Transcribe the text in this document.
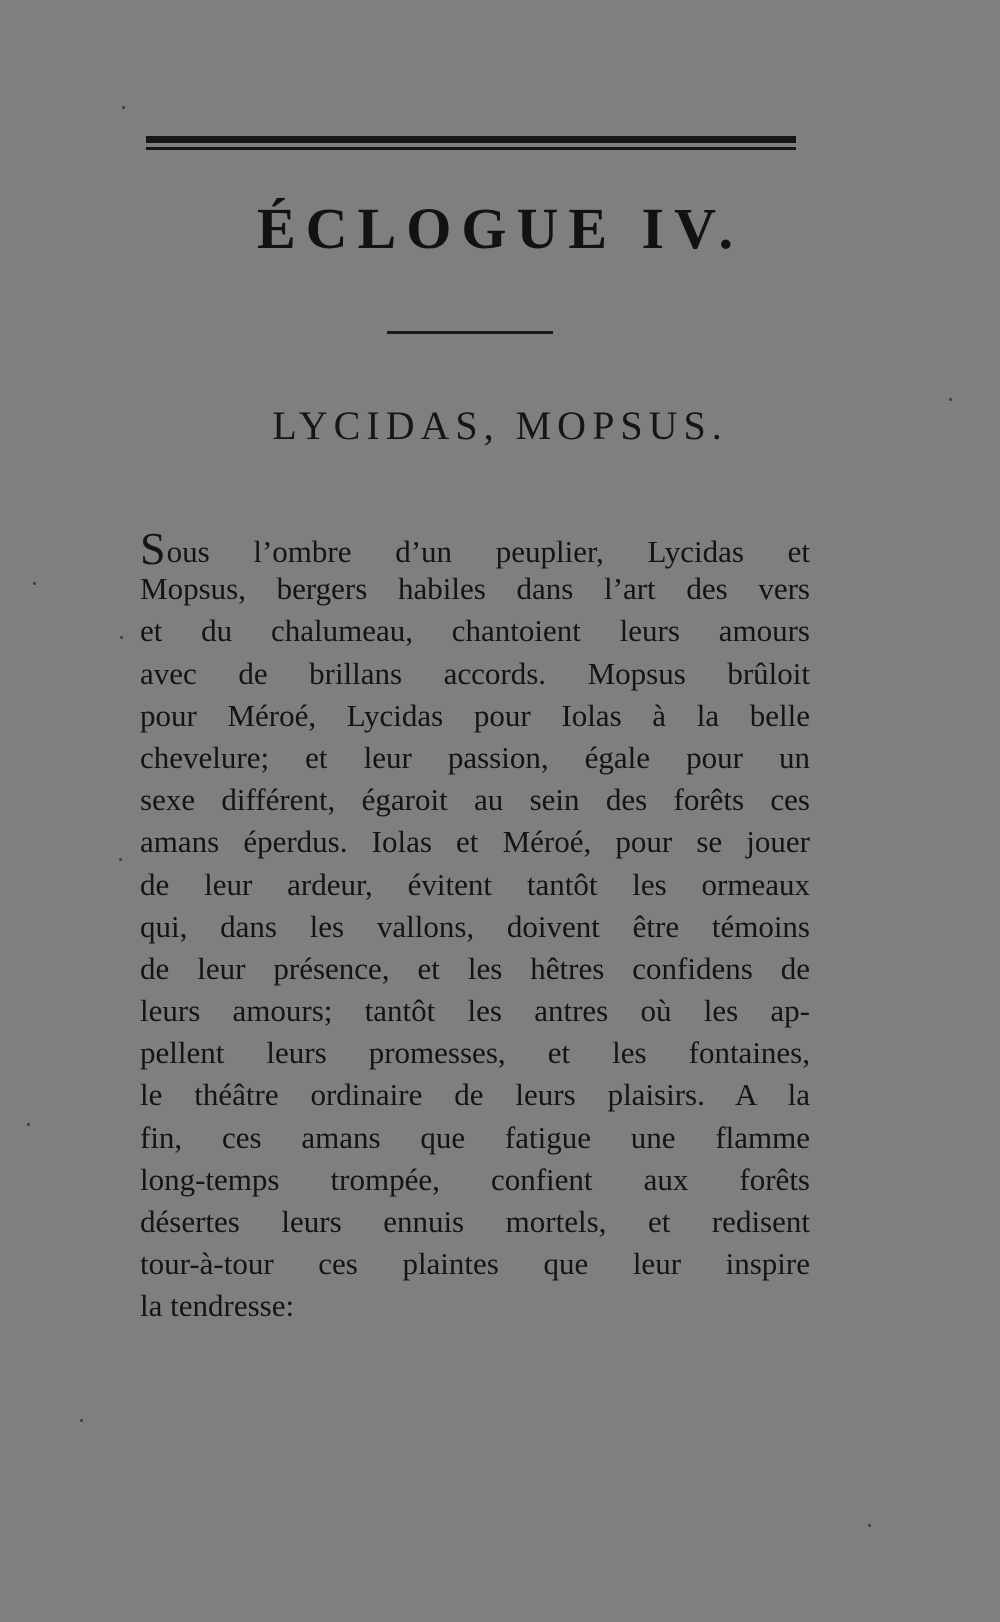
ÉCLOGUE IV.
LYCIDAS, MOPSUS.
Sous l’ombre d’un peuplier, Lycidas et
Mopsus, bergers habiles dans l’art des vers
et du chalumeau, chantoient leurs amours
avec de brillans accords. Mopsus brûloit
pour Méroé, Lycidas pour Iolas à la belle
chevelure; et leur passion, égale pour un
sexe différent, égaroit au sein des forêts ces
amans éperdus. Iolas et Méroé, pour se jouer
de leur ardeur, évitent tantôt les ormeaux
qui, dans les vallons, doivent être témoins
de leur présence, et les hêtres confidens de
leurs amours; tantôt les antres où les ap-
pellent leurs promesses, et les fontaines,
le théâtre ordinaire de leurs plaisirs. A la
fin, ces amans que fatigue une flamme
long-temps trompée, confient aux forêts
désertes leurs ennuis mortels, et redisent
tour-à-tour ces plaintes que leur inspire
la tendresse:
